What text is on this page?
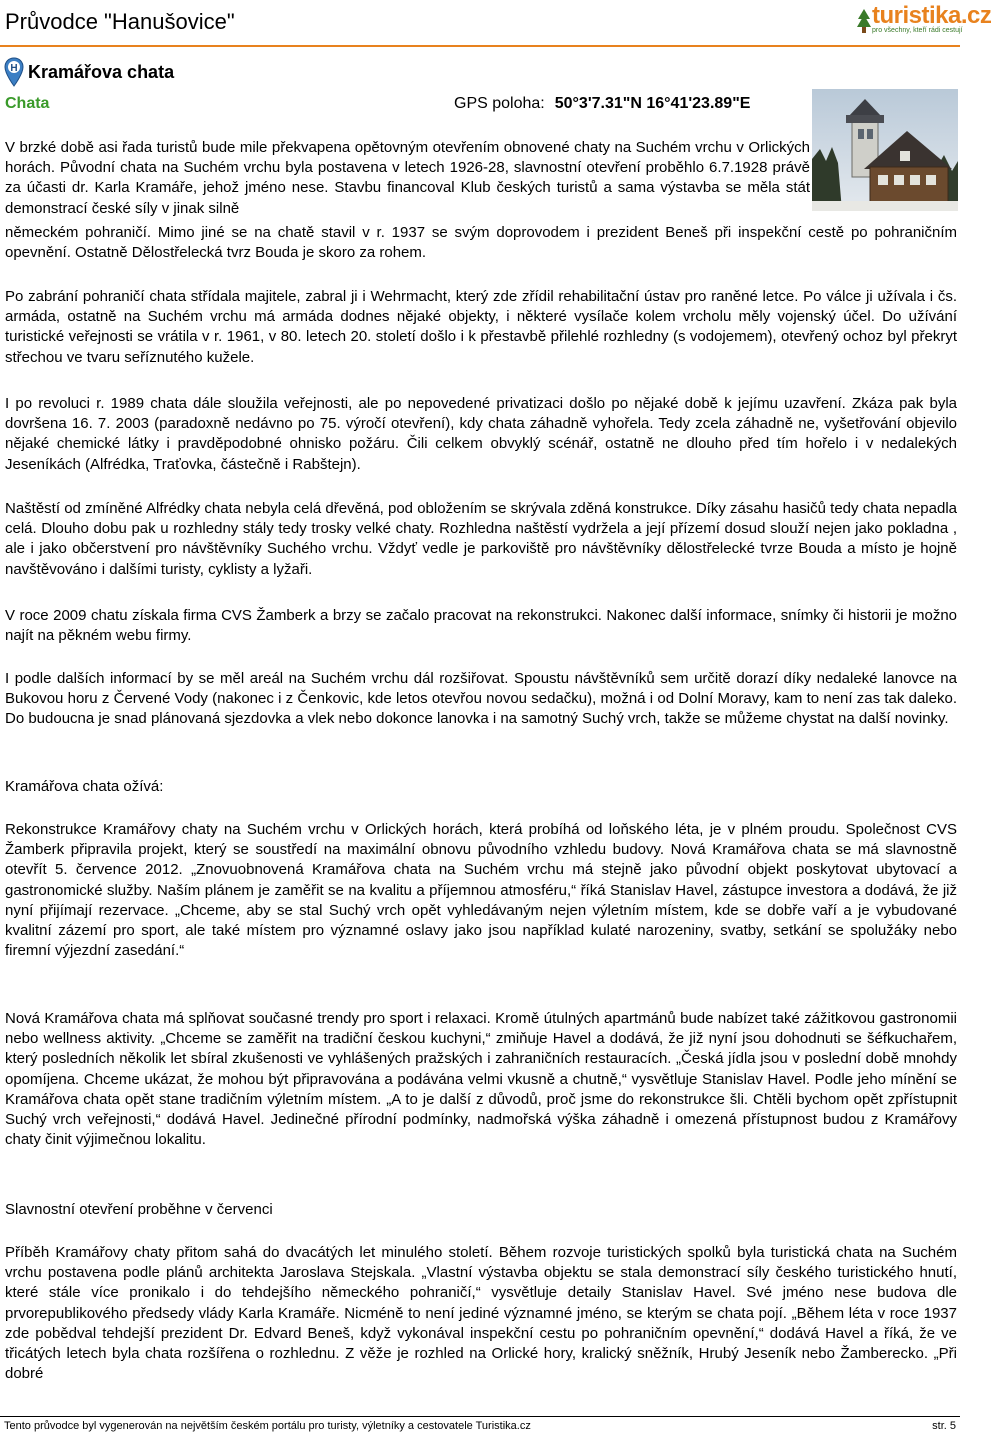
Průvodce "Hanušovice"	turistika.cz
pro všechny, kteří rádi cestují
H Kramářova chata
Chata	GPS poloha: 50°3'7.31"N 16°41'23.89"E

V brzké době asi řada turistů bude mile překvapena opětovným otevřením obnovené chaty na Suchém vrchu v Orlických horách. Původní chata na Suchém vrchu byla postavena v letech 1926-28, slavnostní otevření proběhlo 6.7.1928 právě za účasti dr. Karla Kramáře, jehož jméno nese. Stavbu financoval Klub českých turistů a sama výstavba se měla stát demonstrací české síly v jinak silně

německém pohraničí. Mimo jiné se na chatě stavil v r. 1937 se svým doprovodem i prezident Beneš při inspekční cestě po pohraničním opevnění. Ostatně Dělostřelecká tvrz Bouda je skoro za rohem.

Po zabrání pohraničí chata střídala majitele, zabral ji i Wehrmacht, který zde zřídil rehabilitační ústav pro raněné letce. Po válce ji užívala i čs. armáda, ostatně na Suchém vrchu má armáda dodnes nějaké objekty, i některé vysílače kolem vrcholu měly vojenský účel. Do užívání turistické veřejnosti se vrátila v r. 1961, v 80. letech 20. století došlo i k přestavbě přilehlé rozhledny (s vodojemem), otevřený ochoz byl překryt střechou ve tvaru seříznutého kužele.

I po revoluci r. 1989 chata dále sloužila veřejnosti, ale po nepovedené privatizaci došlo po nějaké době k jejímu uzavření. Zkáza pak byla dovršena 16. 7. 2003 (paradoxně nedávno po 75. výročí otevření), kdy chata záhadně vyhořela. Tedy zcela záhadně ne, vyšetřování objevilo nějaké chemické látky i pravděpodobné ohnisko požáru. Čili celkem obvyklý scénář, ostatně ne dlouho před tím hořelo i v nedalekých Jeseníkách (Alfrédka, Traťovka, částečně i Rabštejn).

Naštěstí od zmíněné Alfrédky chata nebyla celá dřevěná, pod obložením se skrývala zděná konstrukce. Díky zásahu hasičů tedy chata nepadla celá. Dlouho dobu pak u rozhledny stály tedy trosky velké chaty. Rozhledna naštěstí vydržela a její přízemí dosud slouží nejen jako pokladna , ale i jako občerstvení pro návštěvníky Suchého vrchu. Vždyť vedle je parkoviště pro návštěvníky dělostřelecké tvrze Bouda a místo je hojně navštěvováno i dalšími turisty, cyklisty a lyžaři.

V roce 2009 chatu získala firma CVS Žamberk a brzy se začalo pracovat na rekonstrukci. Nakonec další informace, snímky či historii je možno najít na pěkném webu firmy.

I podle dalších informací by se měl areál na Suchém vrchu dál rozšiřovat. Spoustu návštěvníků sem určitě dorazí díky nedaleké lanovce na Bukovou horu z Červené Vody (nakonec i z Čenkovic, kde letos otevřou novou sedačku), možná i od Dolní Moravy, kam to není zas tak daleko. Do budoucna je snad plánovaná sjezdovka a vlek nebo dokonce lanovka i na samotný Suchý vrch, takže se můžeme chystat na další novinky.

Kramářova chata ožívá:

Rekonstrukce Kramářovy chaty na Suchém vrchu v Orlických horách, která probíhá od loňského léta, je v plném proudu. Společnost CVS Žamberk připravila projekt, který se soustředí na maximální obnovu původního vzhledu budovy. Nová Kramářova chata se má slavnostně otevřít 5. července 2012. „Znovuobnovená Kramářova chata na Suchém vrchu má stejně jako původní objekt poskytovat ubytovací a gastronomické služby. Naším plánem je zaměřit se na kvalitu a příjemnou atmosféru,“ říká Stanislav Havel, zástupce investora a dodává, že již nyní přijímají rezervace. „Chceme, aby se stal Suchý vrch opět vyhledávaným nejen výletním místem, kde se dobře vaří a je vybudované kvalitní zázemí pro sport, ale také místem pro významné oslavy jako jsou například kulaté narozeniny, svatby, setkání se spolužáky nebo firemní výjezdní zasedání.“

Nová Kramářova chata má splňovat současné trendy pro sport i relaxaci. Kromě útulných apartmánů bude nabízet také zážitkovou gastronomii nebo wellness aktivity. „Chceme se zaměřit na tradiční českou kuchyni,“ zmiňuje Havel a dodává, že již nyní jsou dohodnuti se šéfkuchařem, který posledních několik let sbíral zkušenosti ve vyhlášených pražských i zahraničních restauracích. „Česká jídla jsou v poslední době mnohdy opomíjena. Chceme ukázat, že mohou být připravována a podávána velmi vkusně a chutně,“ vysvětluje Stanislav Havel. Podle jeho mínění se Kramářova chata opět stane tradičním výletním místem. „A to je další z důvodů, proč jsme do rekonstrukce šli. Chtěli bychom opět zpřístupnit Suchý vrch veřejnosti,“ dodává Havel. Jedinečné přírodní podmínky, nadmořská výška záhadně i omezená přístupnost budou z Kramářovy chaty činit výjimečnou lokalitu.

Slavnostní otevření proběhne v červenci

Příběh Kramářovy chaty přitom sahá do dvacátých let minulého století. Během rozvoje turistických spolků byla turistická chata na Suchém vrchu postavena podle plánů architekta Jaroslava Stejskala. „Vlastní výstavba objektu se stala demonstrací síly českého turistického hnutí, které stále více pronikalo i do tehdejšího německého pohraničí,“ vysvětluje detaily Stanislav Havel. Své jméno nese budova dle prvorepublikového předsedy vlády Karla Kramáře. Nicméně to není jediné významné jméno, se kterým se chata pojí. „Během léta v roce 1937 zde pobědval tehdejší prezident Dr. Edvard Beneš, když vykonával inspekční cestu po pohraničním opevnění,“ dodává Havel a říká, že ve třicátých letech byla chata rozšířena o rozhlednu. Z věže je rozhled na Orlické hory, kralický sněžník, Hrubý Jeseník nebo Žamberecko. „Při dobré

Tento průvodce byl vygenerován na největším českém portálu pro turisty, výletníky a cestovatele Turistika.cz	str. 5
